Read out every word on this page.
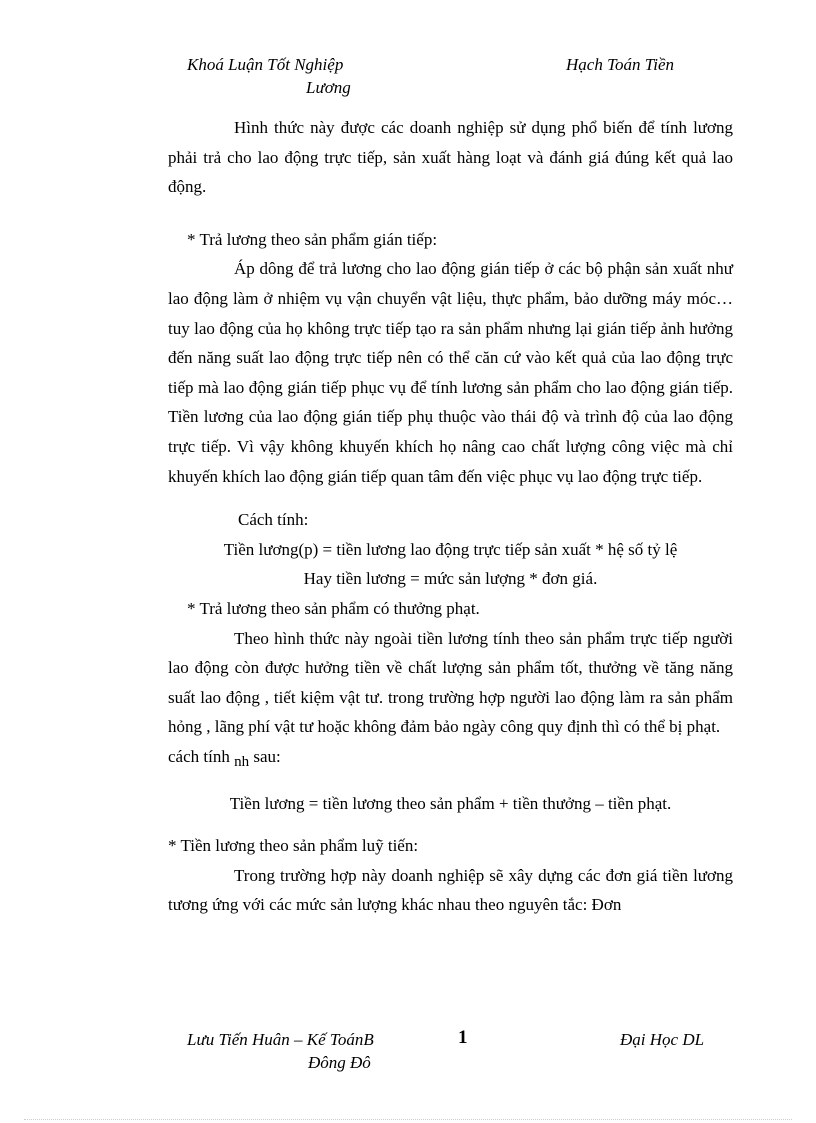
Khoá Luận Tốt Nghiệp
Lương
Hạch Toán Tiền

Hình thức này được các doanh nghiệp sử dụng phổ biến để tính lương phải trả cho lao động trực tiếp, sản xuất hàng loạt và đánh giá đúng kết quả lao động.

* Trả lương theo sản phẩm gián tiếp:

Áp dông để trả lương cho lao động gián tiếp ở các bộ phận sản xuất như lao động làm ở nhiệm vụ vận chuyển vật liệu, thực phẩm, bảo dưỡng máy móc… tuy lao động của họ không trực tiếp tạo ra sản phẩm nhưng lại gián tiếp ảnh hưởng đến năng suất lao động trực tiếp nên có thể căn cứ vào kết quả của lao động trực tiếp mà lao động gián tiếp phục vụ để tính lương sản phẩm cho lao động gián tiếp. Tiền lương của lao động gián tiếp phụ thuộc vào thái độ và trình độ của lao động trực tiếp. Vì vậy không khuyến khích họ nâng cao chất lượng công việc mà chỉ khuyến khích lao động gián tiếp quan tâm đến việc phục vụ lao động trực tiếp.

Cách tính:

Tiền lương(p) = tiền lương lao động trực tiếp sản xuất * hệ số tỷ lệ

Hay tiền lương = mức sản lượng * đơn giá.

* Trả lương theo sản phẩm có thưởng phạt.

Theo hình thức này ngoài tiền lương tính theo sản phẩm trực tiếp người lao động còn được hưởng tiền về chất lượng sản phẩm tốt, thưởng về tăng năng suất lao động , tiết kiệm vật tư. trong trường hợp người lao động làm ra sản phẩm hỏng , lãng phí vật tư hoặc không đảm bảo ngày công quy định thì có thể bị phạt.

cách tính nh sau:

Tiền lương = tiền lương theo sản phẩm + tiền thưởng – tiền phạt.

* Tiền lương theo sản phẩm luỹ tiến:

Trong trường hợp này doanh nghiệp sẽ xây dựng các đơn giá tiền lương tương ứng với các mức sản lượng khác nhau theo nguyên tắc: Đơn

Lưu Tiến Huân – Kế ToánB
Đông Đô
1	Đại Học DL
